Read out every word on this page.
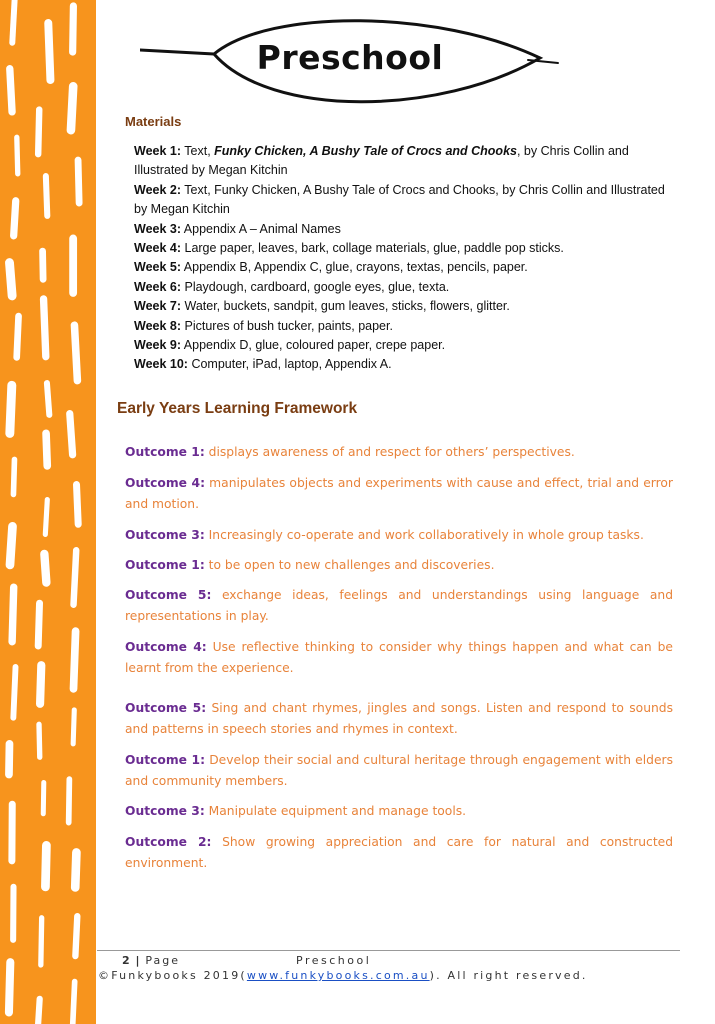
Preschool
Materials
Week 1: Text, Funky Chicken, A Bushy Tale of Crocs and Chooks, by Chris Collin and Illustrated by Megan Kitchin
Week 2: Text, Funky Chicken, A Bushy Tale of Crocs and Chooks, by Chris Collin and Illustrated by Megan Kitchin
Week 3: Appendix A – Animal Names
Week 4: Large paper, leaves, bark, collage materials, glue, paddle pop sticks.
Week 5: Appendix B, Appendix C, glue, crayons, textas, pencils, paper.
Week 6: Playdough, cardboard, google eyes, glue, texta.
Week 7: Water, buckets, sandpit, gum leaves, sticks, flowers, glitter.
Week 8: Pictures of bush tucker, paints, paper.
Week 9: Appendix D, glue, coloured paper, crepe paper.
Week 10: Computer, iPad, laptop, Appendix A.
Early Years Learning Framework
Outcome 1: displays awareness of and respect for others’ perspectives.
Outcome 4: manipulates objects and experiments with cause and effect, trial and error and motion.
Outcome 3: Increasingly co-operate and work collaboratively in whole group tasks.
Outcome 1: to be open to new challenges and discoveries.
Outcome 5: exchange ideas, feelings and understandings using language and representations in play.
Outcome 4: Use reflective thinking to consider why things happen and what can be learnt from the experience.
Outcome 5: Sing and chant rhymes, jingles and songs. Listen and respond to sounds and patterns in speech stories and rhymes in context.
Outcome 1: Develop their social and cultural heritage through engagement with elders and community members.
Outcome 3: Manipulate equipment and manage tools.
Outcome 2: Show growing appreciation and care for natural and constructed environment.
2 | Page	Preschool
©Funkybooks 2019(www.funkybooks.com.au). All right reserved.
